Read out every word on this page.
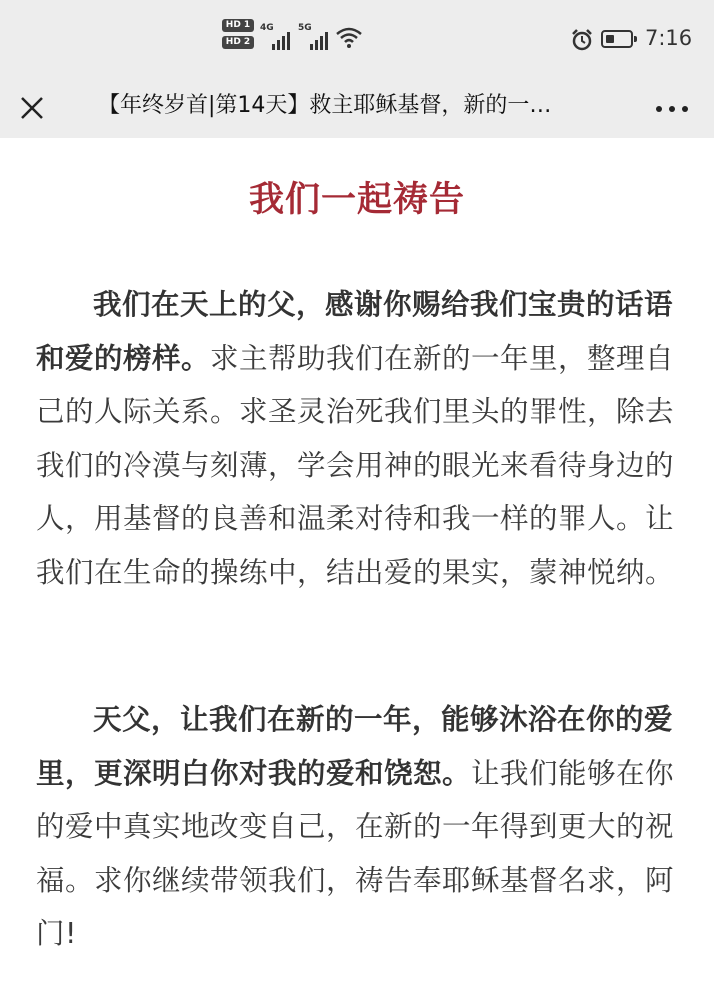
HD 1
HD 2
4G	5G	7:16
【年终岁首|第14天】救主耶稣基督，新的一…
我们一起祷告

我们在天上的父，感谢你赐给我们宝贵的话语和爱的榜样。求主帮助我们在新的一年里，整理自己的人际关系。求圣灵治死我们里头的罪性，除去我们的冷漠与刻薄，学会用神的眼光来看待身边的人，用基督的良善和温柔对待和我一样的罪人。让我们在生命的操练中，结出爱的果实，蒙神悦纳。

天父，让我们在新的一年，能够沐浴在你的爱里，更深明白你对我的爱和饶恕。让我们能够在你的爱中真实地改变自己，在新的一年得到更大的祝福。求你继续带领我们，祷告奉耶稣基督名求，阿门!
